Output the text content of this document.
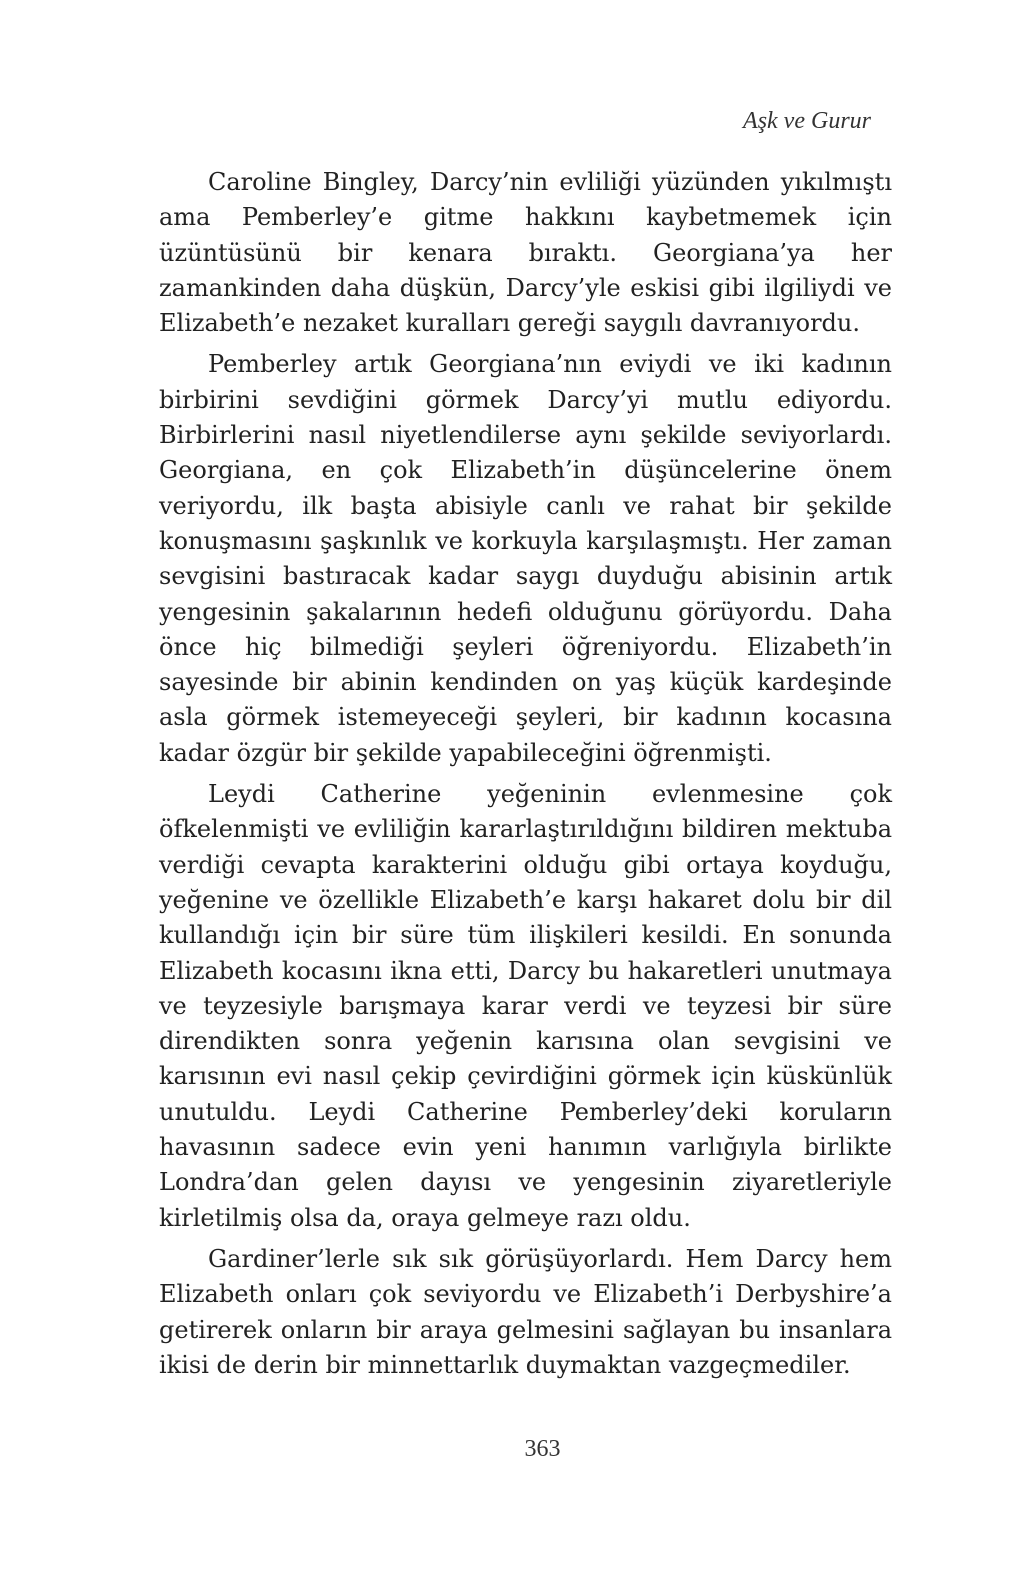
Aşk ve Gurur

Caroline Bingley, Darcy’nin evliliği yüzünden yıkılmıştı ama Pemberley’e gitme hakkını kaybetmemek için üzüntüsünü bir kenara bıraktı. Georgiana’ya her zamankinden daha düşkün, Darcy’yle eskisi gibi ilgiliydi ve Elizabeth’e nezaket kuralları gereği saygılı davranıyordu.

Pemberley artık Georgiana’nın eviydi ve iki kadının birbirini sevdiğini görmek Darcy’yi mutlu ediyordu. Birbirlerini nasıl niyetlendilerse aynı şekilde seviyorlardı. Georgiana, en çok Elizabeth’in düşüncelerine önem veriyordu, ilk başta abisiyle canlı ve rahat bir şekilde konuşmasını şaşkınlık ve korkuyla karşılaşmıştı. Her zaman sevgisini bastıracak kadar saygı duyduğu abisinin artık yengesinin şakalarının hedefi olduğunu görüyordu. Daha önce hiç bilmediği şeyleri öğreniyordu. Elizabeth’in sayesinde bir abinin kendinden on yaş küçük kardeşinde asla görmek istemeyeceği şeyleri, bir kadının kocasına kadar özgür bir şekilde yapabileceğini öğrenmişti.

Leydi Catherine yeğeninin evlenmesine çok öfkelenmişti ve evliliğin kararlaştırıldığını bildiren mektuba verdiği cevapta karakterini olduğu gibi ortaya koyduğu, yeğenine ve özellikle Elizabeth’e karşı hakaret dolu bir dil kullandığı için bir süre tüm ilişkileri kesildi. En sonunda Elizabeth kocasını ikna etti, Darcy bu hakaretleri unutmaya ve teyzesiyle barışmaya karar verdi ve teyzesi bir süre direndikten sonra yeğenin karısına olan sevgisini ve karısının evi nasıl çekip çevirdiğini görmek için küskünlük unutuldu. Leydi Catherine Pemberley’deki koruların havasının sadece evin yeni hanımın varlığıyla birlikte Londra’dan gelen dayısı ve yengesinin ziyaretleriyle kirletilmiş olsa da, oraya gelmeye razı oldu.

Gardiner’lerle sık sık görüşüyorlardı. Hem Darcy hem Elizabeth onları çok seviyordu ve Elizabeth’i Derbyshire’a getirerek onların bir araya gelmesini sağlayan bu insanlara ikisi de derin bir minnettarlık duymaktan vazgeçmediler.

363
